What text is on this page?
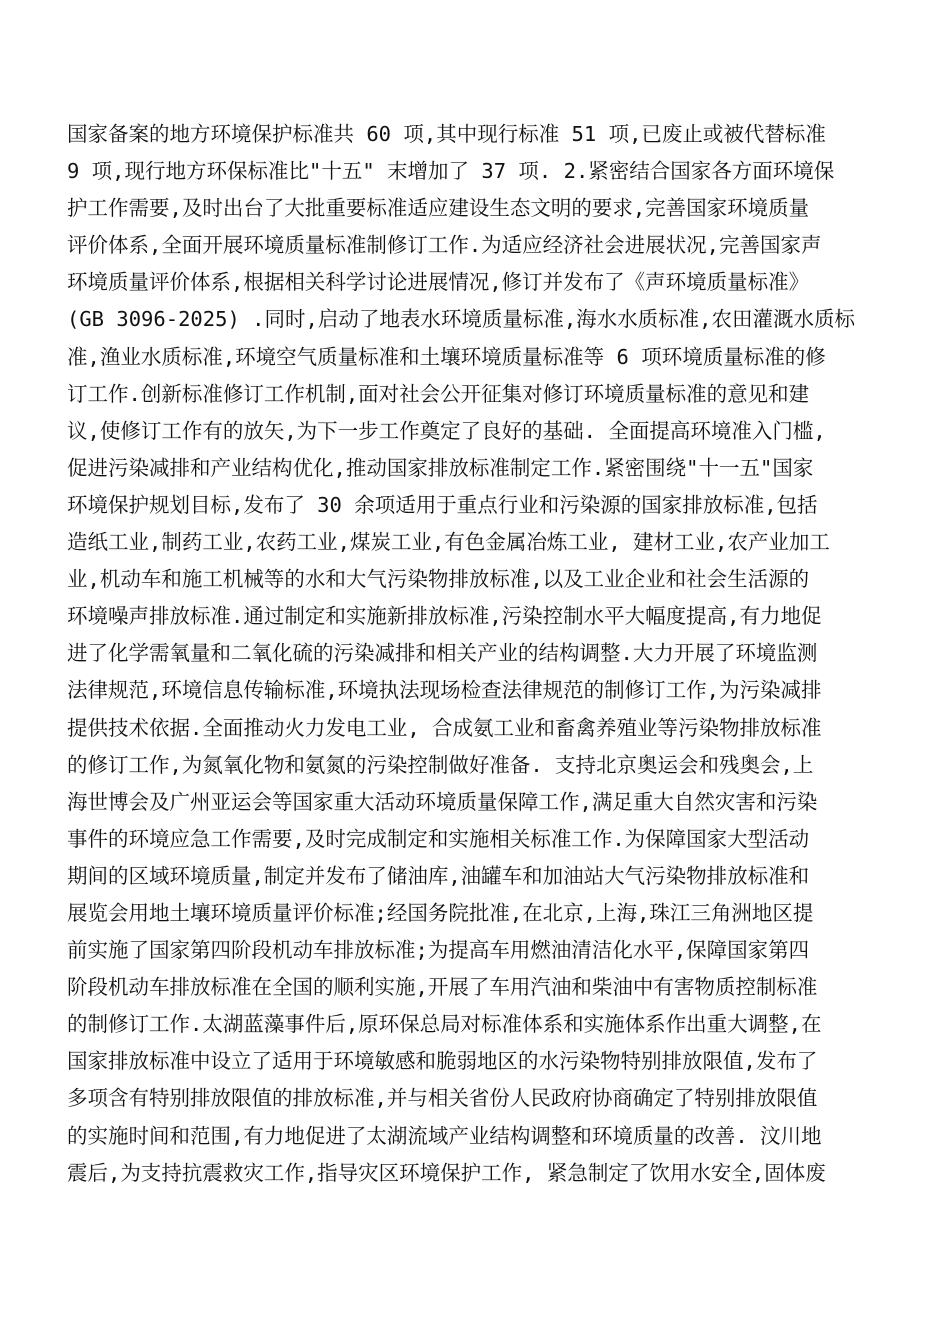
国家备案的地方环境保护标准共 60 项,其中现行标准 51 项,已废止或被代替标准
9 项,现行地方环保标准比"十五" 末增加了 37 项. 2.紧密结合国家各方面环境保
护工作需要,及时出台了大批重要标准适应建设生态文明的要求,完善国家环境质量
评价体系,全面开展环境质量标准制修订工作.为适应经济社会进展状况,完善国家声
环境质量评价体系,根据相关科学讨论进展情况,修订并发布了《声环境质量标准》
(GB 3096-2025) .同时,启动了地表水环境质量标准,海水水质标准,农田灌溉水质标
准,渔业水质标准,环境空气质量标准和土壤环境质量标准等 6 项环境质量标准的修
订工作.创新标准修订工作机制,面对社会公开征集对修订环境质量标准的意见和建
议,使修订工作有的放矢,为下一步工作奠定了良好的基础. 全面提高环境准入门槛,
促进污染减排和产业结构优化,推动国家排放标准制定工作.紧密围绕"十一五"国家
环境保护规划目标,发布了 30 余项适用于重点行业和污染源的国家排放标准,包括
造纸工业,制药工业,农药工业,煤炭工业,有色金属冶炼工业, 建材工业,农产业加工
业,机动车和施工机械等的水和大气污染物排放标准,以及工业企业和社会生活源的
环境噪声排放标准.通过制定和实施新排放标准,污染控制水平大幅度提高,有力地促
进了化学需氧量和二氧化硫的污染减排和相关产业的结构调整.大力开展了环境监测
法律规范,环境信息传输标准,环境执法现场检查法律规范的制修订工作,为污染减排
提供技术依据.全面推动火力发电工业, 合成氨工业和畜禽养殖业等污染物排放标准
的修订工作,为氮氧化物和氨氮的污染控制做好准备. 支持北京奥运会和残奥会,上
海世博会及广州亚运会等国家重大活动环境质量保障工作,满足重大自然灾害和污染
事件的环境应急工作需要,及时完成制定和实施相关标准工作.为保障国家大型活动
期间的区域环境质量,制定并发布了储油库,油罐车和加油站大气污染物排放标准和
展览会用地土壤环境质量评价标准;经国务院批准,在北京,上海,珠江三角洲地区提
前实施了国家第四阶段机动车排放标准;为提高车用燃油清洁化水平,保障国家第四
阶段机动车排放标准在全国的顺利实施,开展了车用汽油和柴油中有害物质控制标准
的制修订工作.太湖蓝藻事件后,原环保总局对标准体系和实施体系作出重大调整,在
国家排放标准中设立了适用于环境敏感和脆弱地区的水污染物特别排放限值,发布了
多项含有特别排放限值的排放标准,并与相关省份人民政府协商确定了特别排放限值
的实施时间和范围,有力地促进了太湖流域产业结构调整和环境质量的改善. 汶川地
震后,为支持抗震救灾工作,指导灾区环境保护工作, 紧急制定了饮用水安全,固体废
